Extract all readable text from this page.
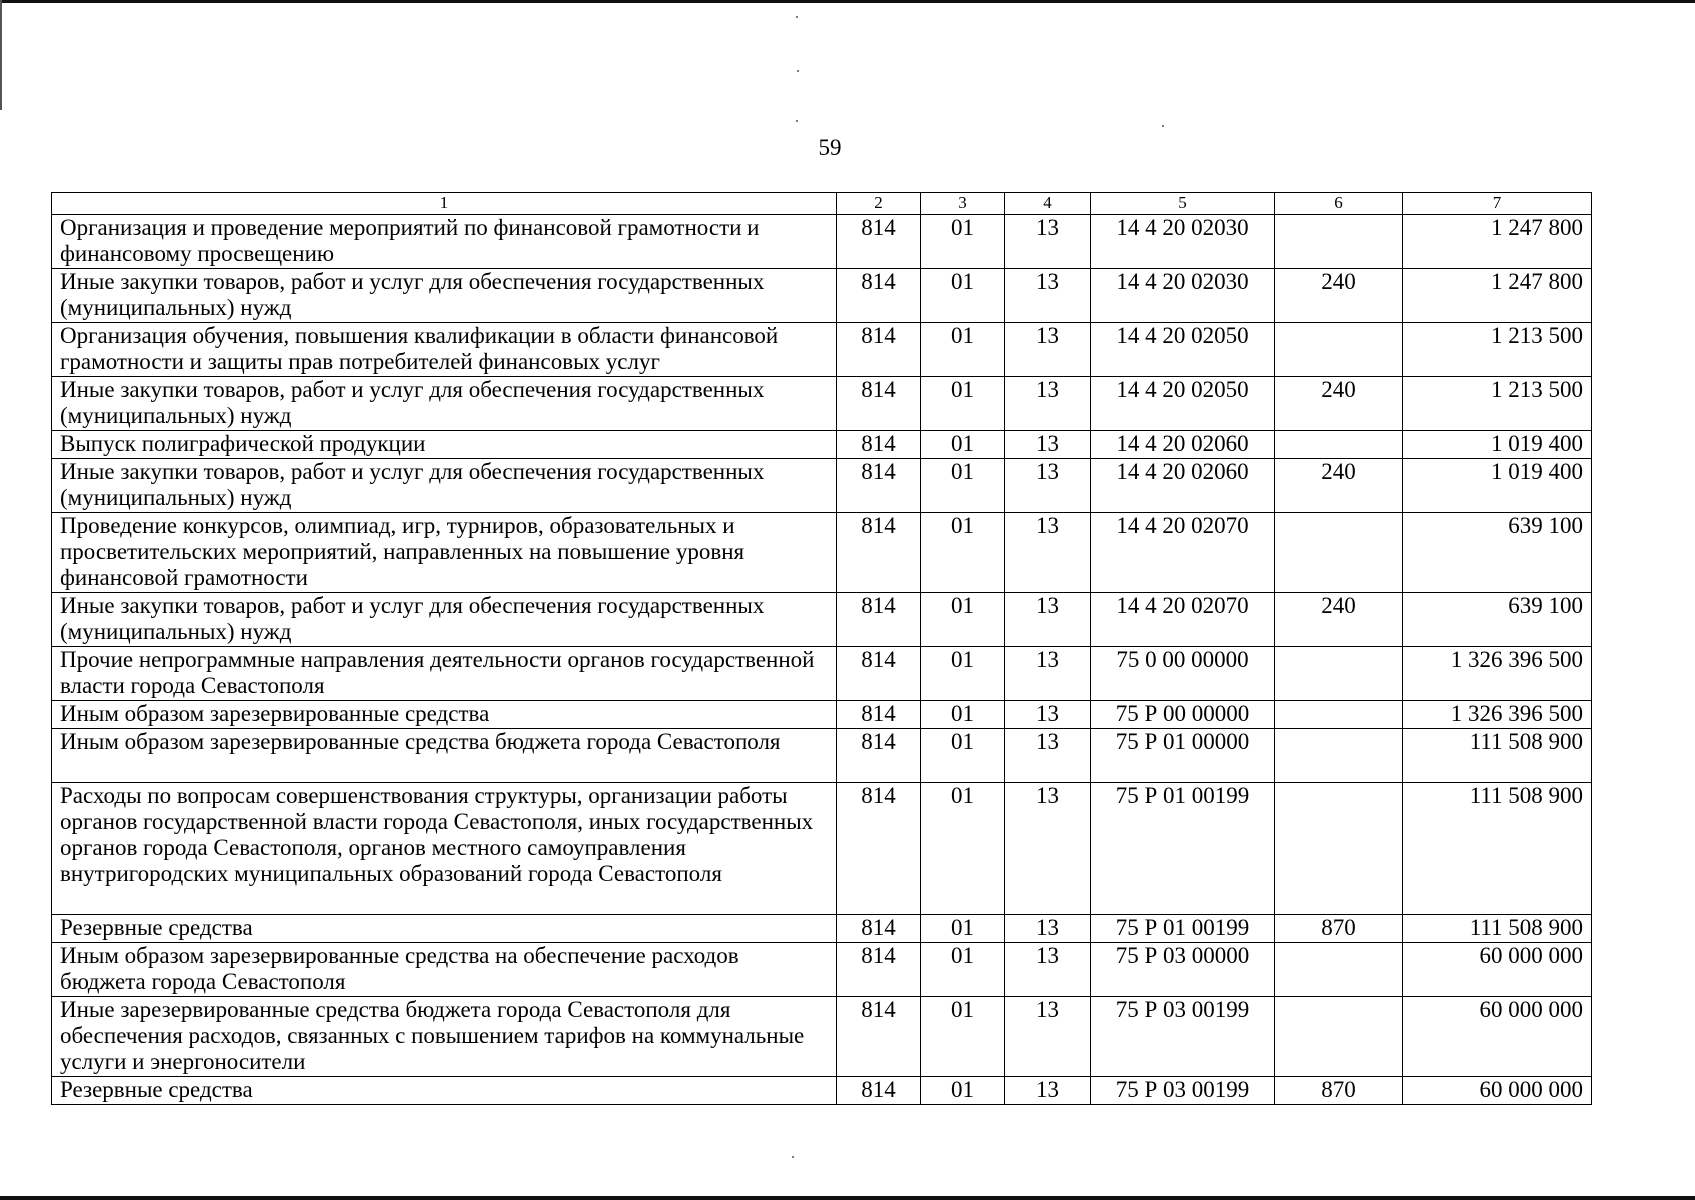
59
1	2	3	4	5	6	7
Организация и проведение мероприятий по финансовой грамотности и финансовому просвещению	814	01	13	14 4 20 02030		1 247 800
Иные закупки товаров, работ и услуг для обеспечения государственных (муниципальных) нужд	814	01	13	14 4 20 02030	240	1 247 800
Организация обучения, повышения квалификации в области финансовой грамотности и защиты прав потребителей финансовых услуг	814	01	13	14 4 20 02050		1 213 500
Иные закупки товаров, работ и услуг для обеспечения государственных (муниципальных) нужд	814	01	13	14 4 20 02050	240	1 213 500
Выпуск полиграфической продукции	814	01	13	14 4 20 02060		1 019 400
Иные закупки товаров, работ и услуг для обеспечения государственных (муниципальных) нужд	814	01	13	14 4 20 02060	240	1 019 400
Проведение конкурсов, олимпиад, игр, турниров, образовательных и просветительских мероприятий, направленных на повышение уровня финансовой грамотности	814	01	13	14 4 20 02070		639 100
Иные закупки товаров, работ и услуг для обеспечения государственных (муниципальных) нужд	814	01	13	14 4 20 02070	240	639 100
Прочие непрограммные направления деятельности органов государственной власти города Севастополя	814	01	13	75 0 00 00000		1 326 396 500
Иным образом зарезервированные средства	814	01	13	75 Р 00 00000		1 326 396 500
Иным образом зарезервированные средства бюджета города Севастополя	814	01	13	75 Р 01 00000		111 508 900
Расходы по вопросам совершенствования структуры, организации работы органов государственной власти города Севастополя, иных государственных органов города Севастополя, органов местного самоуправления внутригородских муниципальных образований города Севастополя	814	01	13	75 Р 01 00199		111 508 900
Резервные средства	814	01	13	75 Р 01 00199	870	111 508 900
Иным образом зарезервированные средства на обеспечение расходов бюджета города Севастополя	814	01	13	75 Р 03 00000		60 000 000
Иные зарезервированные средства бюджета города Севастополя для обеспечения расходов, связанных с повышением тарифов на коммунальные услуги и энергоносители	814	01	13	75 Р 03 00199		60 000 000
Резервные средства	814	01	13	75 Р 03 00199	870	60 000 000
